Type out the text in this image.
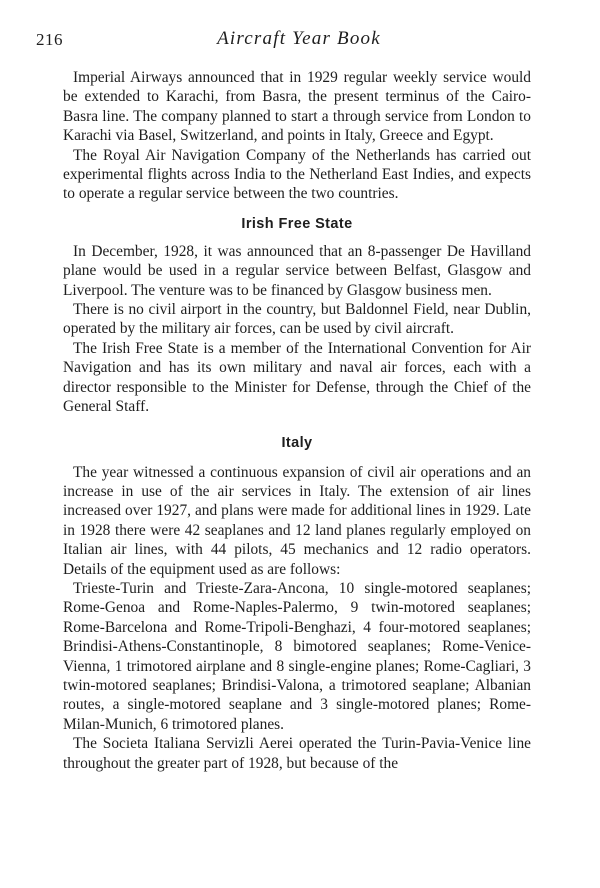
216	Aircraft Year Book

Imperial Airways announced that in 1929 regular weekly service would be extended to Karachi, from Basra, the present terminus of the Cairo-Basra line. The company planned to start a through service from London to Karachi via Basel, Switzerland, and points in Italy, Greece and Egypt.

The Royal Air Navigation Company of the Netherlands has carried out experimental flights across India to the Netherland East Indies, and expects to operate a regular service between the two countries.

Irish Free State

In December, 1928, it was announced that an 8-passenger De Havilland plane would be used in a regular service between Belfast, Glasgow and Liverpool. The venture was to be financed by Glasgow business men.

There is no civil airport in the country, but Baldonnel Field, near Dublin, operated by the military air forces, can be used by civil aircraft.

The Irish Free State is a member of the International Convention for Air Navigation and has its own military and naval air forces, each with a director responsible to the Minister for Defense, through the Chief of the General Staff.

Italy

The year witnessed a continuous expansion of civil air operations and an increase in use of the air services in Italy. The extension of air lines increased over 1927, and plans were made for additional lines in 1929. Late in 1928 there were 42 seaplanes and 12 land planes regularly employed on Italian air lines, with 44 pilots, 45 mechanics and 12 radio operators. Details of the equipment used as are follows:

Trieste-Turin and Trieste-Zara-Ancona, 10 single-motored seaplanes; Rome-Genoa and Rome-Naples-Palermo, 9 twin-motored seaplanes; Rome-Barcelona and Rome-Tripoli-Benghazi, 4 four-motored seaplanes; Brindisi-Athens-Constantinople, 8 bimotored seaplanes; Rome-Venice-Vienna, 1 trimotored airplane and 8 single-engine planes; Rome-Cagliari, 3 twin-motored seaplanes; Brindisi-Valona, a trimotored seaplane; Albanian routes, a single-motored seaplane and 3 single-motored planes; Rome-Milan-Munich, 6 trimotored planes.

The Societa Italiana Servizli Aerei operated the Turin-Pavia-Venice line throughout the greater part of 1928, but because of the
